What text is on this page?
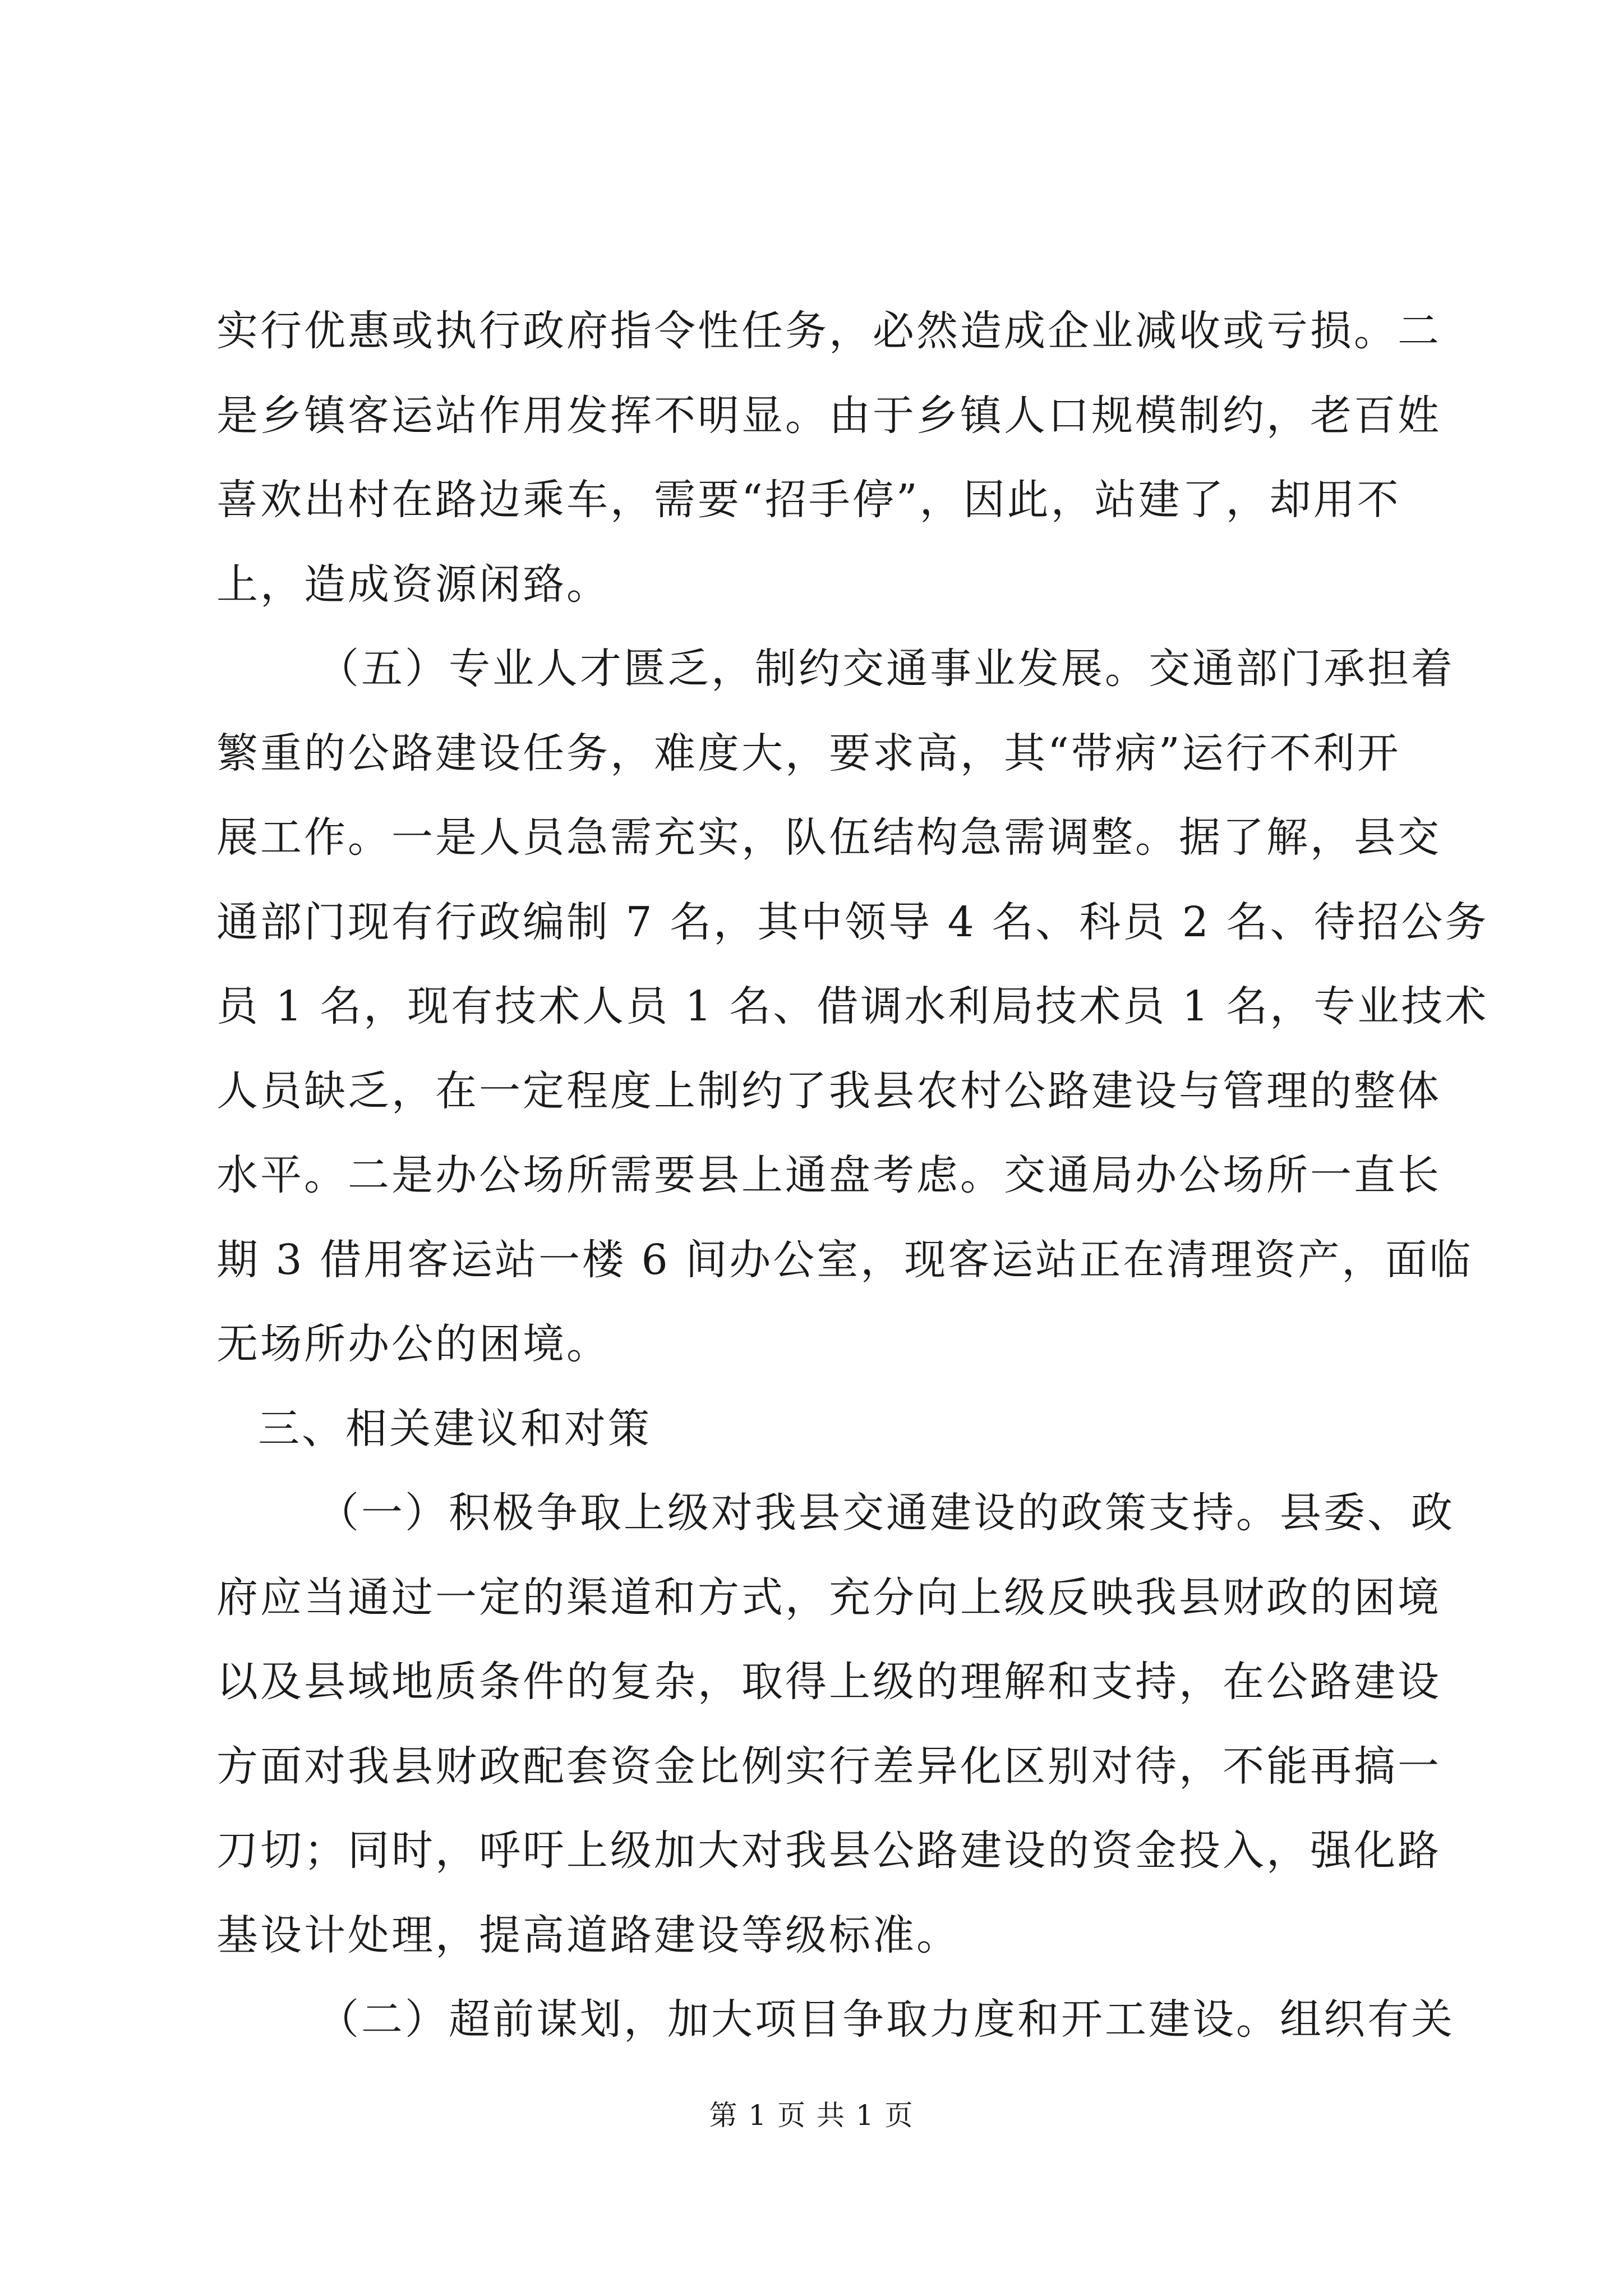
实行优惠或执行政府指令性任务，必然造成企业减收或亏损。二
是乡镇客运站作用发挥不明显。由于乡镇人口规模制约，老百姓
喜欢出村在路边乘车，需要“招手停”，因此，站建了，却用不
上，造成资源闲臵。
（五）专业人才匮乏，制约交通事业发展。交通部门承担着
繁重的公路建设任务，难度大，要求高，其“带病”运行不利开
展工作。一是人员急需充实，队伍结构急需调整。据了解，县交
通部门现有行政编制 7 名，其中领导 4 名、科员 2 名、待招公务
员 1 名，现有技术人员 1 名、借调水利局技术员 1 名，专业技术
人员缺乏，在一定程度上制约了我县农村公路建设与管理的整体
水平。二是办公场所需要县上通盘考虑。交通局办公场所一直长
期 3 借用客运站一楼 6 间办公室，现客运站正在清理资产，面临
无场所办公的困境。
三、相关建议和对策
（一）积极争取上级对我县交通建设的政策支持。县委、政
府应当通过一定的渠道和方式，充分向上级反映我县财政的困境
以及县域地质条件的复杂，取得上级的理解和支持，在公路建设
方面对我县财政配套资金比例实行差异化区别对待，不能再搞一
刀切；同时，呼吁上级加大对我县公路建设的资金投入，强化路
基设计处理，提高道路建设等级标准。
（二）超前谋划，加大项目争取力度和开工建设。组织有关
第 1 页 共 1 页
